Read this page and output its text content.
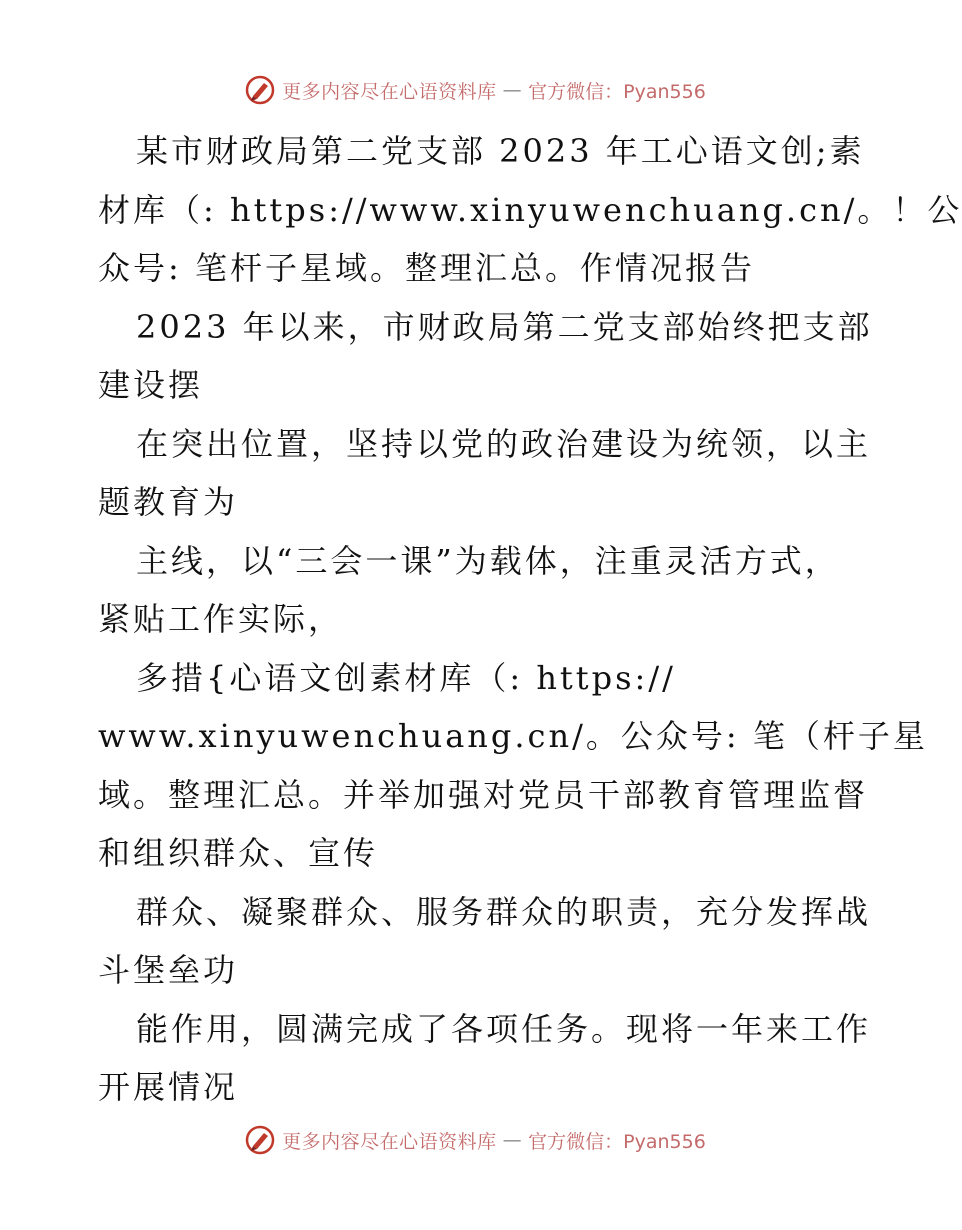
更多内容尽在心语资料库 — 官方微信：Pyan556
某市财政局第二党支部 2023 年工心语文创;素
材库（: https://www.xinyuwenchuang.cn/。！公
众号: 笔杆子星域。整理汇总。作情况报告
2023 年以来，市财政局第二党支部始终把支部
建设摆
在突出位置，坚持以党的政治建设为统领，以主
题教育为
主线，以“三会一课”为载体，注重灵活方式，
紧贴工作实际，
多措{心语文创素材库（: https://
www.xinyuwenchuang.cn/。公众号: 笔（杆子星
域。整理汇总。并举加强对党员干部教育管理监督
和组织群众、宣传
群众、凝聚群众、服务群众的职责，充分发挥战
斗堡垒功
能作用，圆满完成了各项任务。现将一年来工作
开展情况
更多内容尽在心语资料库 — 官方微信：Pyan556
